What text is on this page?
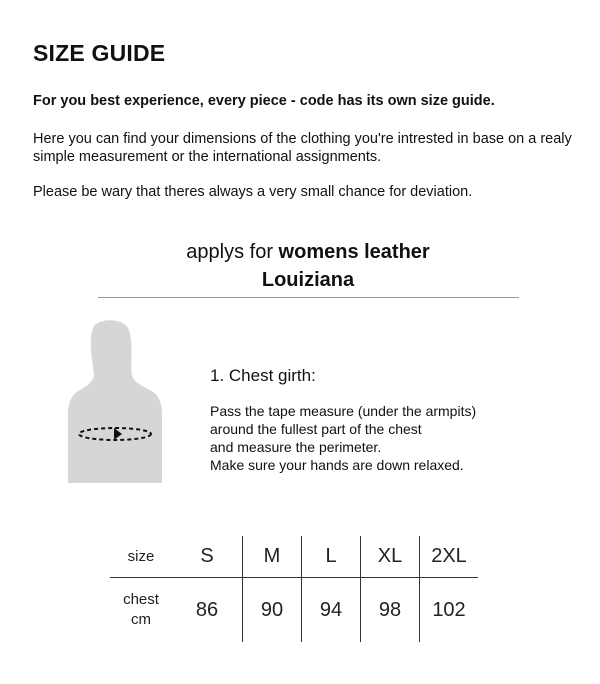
SIZE GUIDE
For you best experience, every piece - code has its own size guide.
Here you can find your dimensions of the clothing you're intrested in base on a realy simple measurement or the international assignments.
Please be wary that theres always a very small chance for deviation.
applys for womens leather
Louiziana
1. Chest girth:
Pass the tape measure (under the armpits)
around the fullest part of the chest
and measure the perimeter.
Make sure your hands are down relaxed.
size	S	M	L	XL	2XL

chest
cm	86	90	94	98	102
